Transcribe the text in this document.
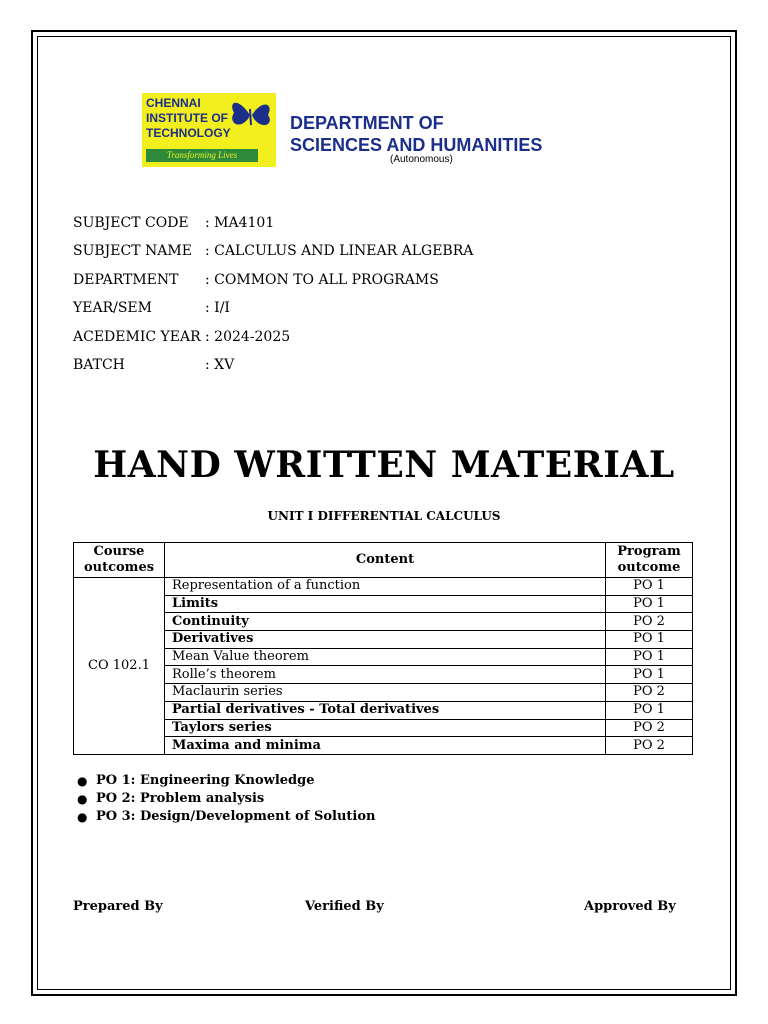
CHENNAI
INSTITUTE OF
TECHNOLOGY
Transforming Lives
DEPARTMENT OF
SCIENCES AND HUMANITIES
(Autonomous)
SUBJECT CODE : MA4101
SUBJECT NAME : CALCULUS AND LINEAR ALGEBRA
DEPARTMENT : COMMON TO ALL PROGRAMS
YEAR/SEM	: I/I
ACEDEMIC YEAR : 2024-2025
BATCH	: XV
HAND WRITTEN MATERIAL
UNIT I DIFFERENTIAL CALCULUS
Course outcomes	Content	Program outcome
CO 102.1	Representation of a function	PO 1
	Limits	PO 1
	Continuity	PO 2
	Derivatives	PO 1
	Mean Value theorem	PO 1
	Rolle’s theorem	PO 1
	Maclaurin series	PO 2
	Partial derivatives - Total derivatives	PO 1
	Taylors series	PO 2
	Maxima and minima	PO 2
● PO 1: Engineering Knowledge
● PO 2: Problem analysis
● PO 3: Design/Development of Solution
Prepared By	Verified By	Approved By
